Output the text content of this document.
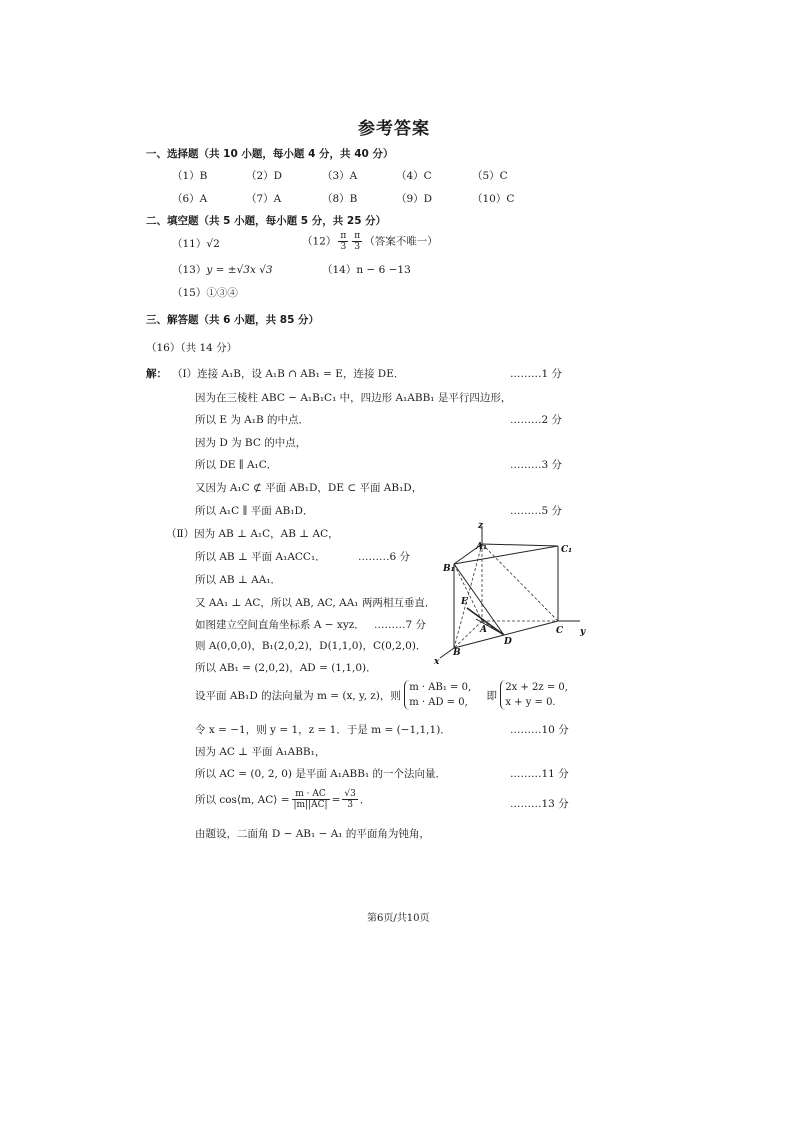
参考答案
一、选择题（共 10 小题，每小题 4 分，共 40 分）
（1）B	（2）D	（3）A	（4）C	（5）C
（6）A	（7）A	（8）B	（9）D	（10）C
二、填空题（共 5 小题，每小题 5 分，共 25 分）
（11）√2	$(12) \frac{\pi}{3} \frac{\pi}{3}$ （答案不唯一）
（13）y = ±√3x √3	（14）n − 6 −13
（15）①③④
三、解答题（共 6 小题，共 85 分）
（16）（共 14 分）
解： （Ⅰ）连接 A₁B，设 A₁B ∩ AB₁ = E，连接 DE．	………1 分
因为在三棱柱 ABC − A₁B₁C₁ 中，四边形 A₁ABB₁ 是平行四边形，
所以 E 为 A₁B 的中点．	………2 分
因为 D 为 BC 的中点，
所以 DE ∥ A₁C．	………3 分
又因为 A₁C ⊄ 平面 AB₁D，DE ⊂ 平面 AB₁D，
所以 A₁C ∥ 平面 AB₁D．	………5 分
（Ⅱ）因为 AB ⊥ A₁C，AB ⊥ AC，
所以 AB ⊥ 平面 A₁ACC₁．	………6 分
所以 AB ⊥ AA₁．
又 AA₁ ⊥ AC，所以 AB, AC, AA₁ 两两相互垂直．
如图建立空间直角坐标系 A − xyz． ………7 分
则 A(0,0,0)，B₁(2,0,2)，D(1,1,0)，C(0,2,0)．
所以 AB₁ = (2,0,2)，AD = (1,1,0)．
设平面 AB₁D 的法向量为 m = (x, y, z)，则
m · AB₁ = 0,
m · AD = 0,
即
2x + 2z = 0,
x + y = 0.
令 x = −1，则 y = 1，z = 1．于是 m = (−1,1,1)．	………10 分
因为 AC ⊥ 平面 A₁ABB₁，
所以 AC = (0, 2, 0) 是平面 A₁ABB₁ 的一个法向量．	………11 分
所以 cos⟨m, AC⟩ = $\frac{m \cdot AC}{|m||AC|} = \frac{√3}{3}$ ．	………13 分
由题设，二面角 D − AB₁ − A₁ 的平面角为钝角，
z
A₁	C₁
B₁
E
A	C y
D
B
x
第6页/共10页
